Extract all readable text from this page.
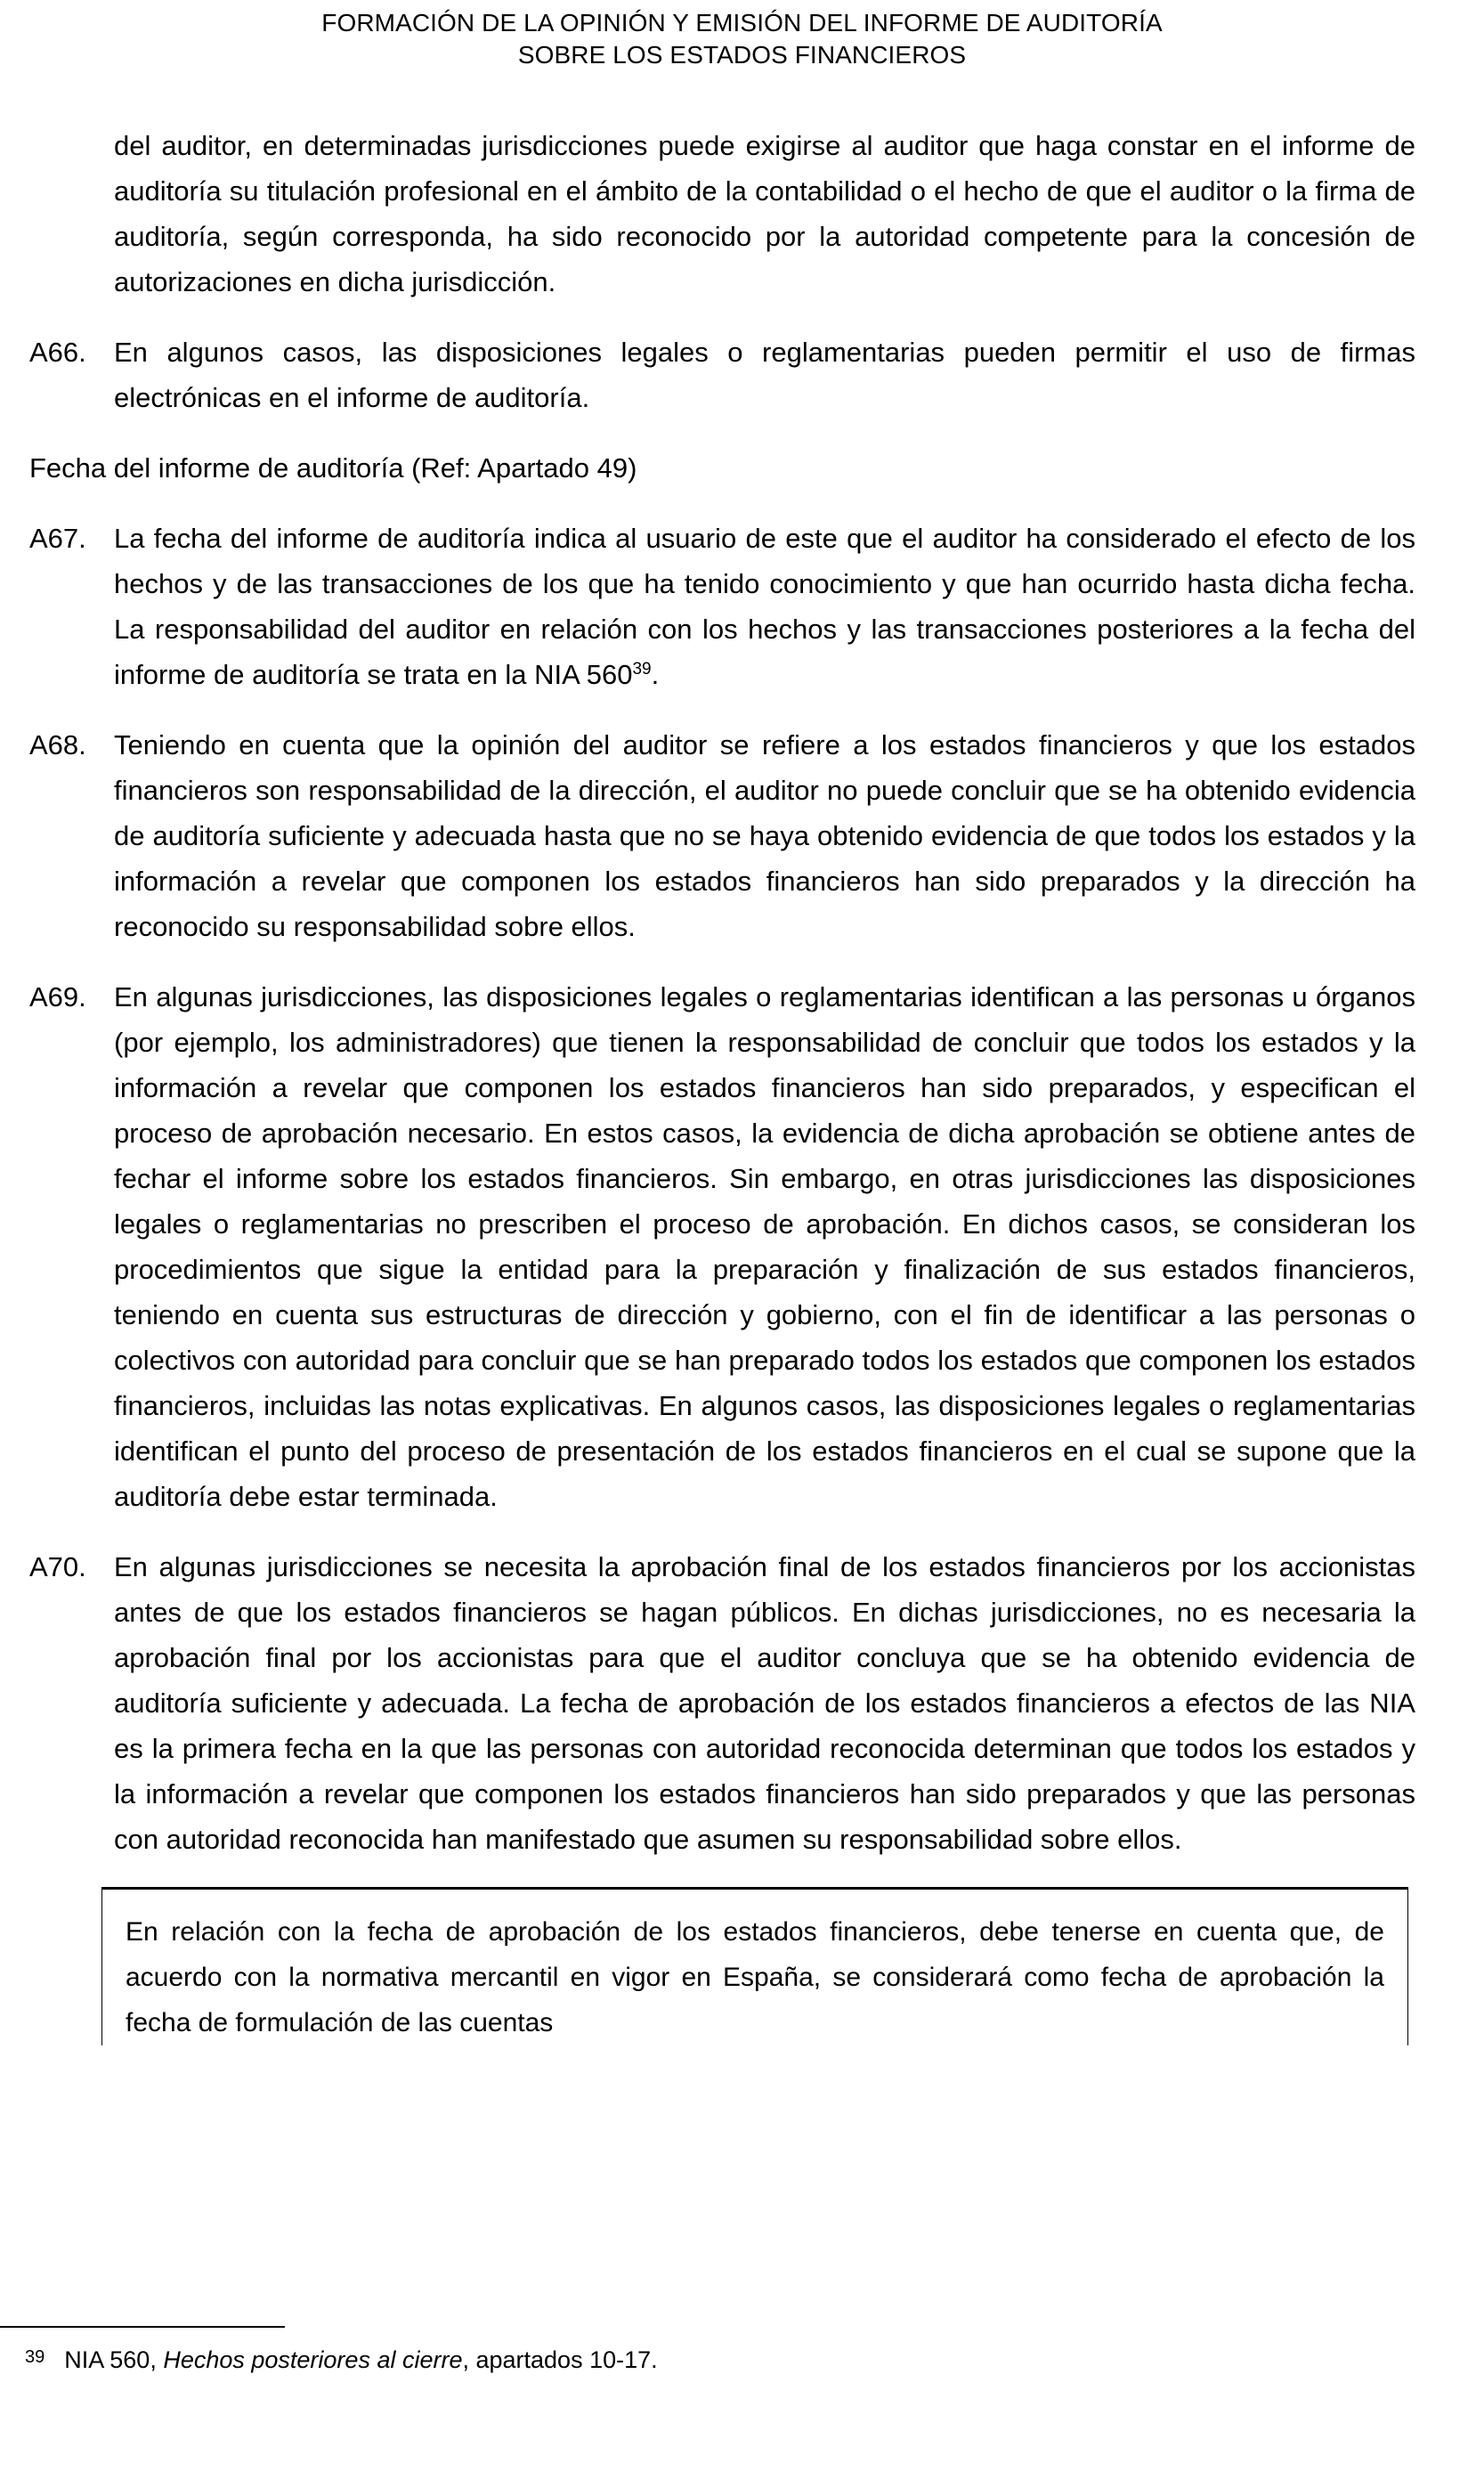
FORMACIÓN DE LA OPINIÓN Y EMISIÓN DEL INFORME DE AUDITORÍA
SOBRE LOS ESTADOS FINANCIEROS
del auditor, en determinadas jurisdicciones puede exigirse al auditor que haga constar en el informe de auditoría su titulación profesional en el ámbito de la contabilidad o el hecho de que el auditor o la firma de auditoría, según corresponda, ha sido reconocido por la autoridad competente para la concesión de autorizaciones en dicha jurisdicción.
A66.	En algunos casos, las disposiciones legales o reglamentarias pueden permitir el uso de firmas electrónicas en el informe de auditoría.
Fecha del informe de auditoría (Ref: Apartado 49)
A67.	La fecha del informe de auditoría indica al usuario de este que el auditor ha considerado el efecto de los hechos y de las transacciones de los que ha tenido conocimiento y que han ocurrido hasta dicha fecha. La responsabilidad del auditor en relación con los hechos y las transacciones posteriores a la fecha del informe de auditoría se trata en la NIA 560$^{39}$.
A68.	Teniendo en cuenta que la opinión del auditor se refiere a los estados financieros y que los estados financieros son responsabilidad de la dirección, el auditor no puede concluir que se ha obtenido evidencia de auditoría suficiente y adecuada hasta que no se haya obtenido evidencia de que todos los estados y la información a revelar que componen los estados financieros han sido preparados y la dirección ha reconocido su responsabilidad sobre ellos.
A69.	En algunas jurisdicciones, las disposiciones legales o reglamentarias identifican a las personas u órganos (por ejemplo, los administradores) que tienen la responsabilidad de concluir que todos los estados y la información a revelar que componen los estados financieros han sido preparados, y especifican el proceso de aprobación necesario. En estos casos, la evidencia de dicha aprobación se obtiene antes de fechar el informe sobre los estados financieros. Sin embargo, en otras jurisdicciones las disposiciones legales o reglamentarias no prescriben el proceso de aprobación. En dichos casos, se consideran los procedimientos que sigue la entidad para la preparación y finalización de sus estados financieros, teniendo en cuenta sus estructuras de dirección y gobierno, con el fin de identificar a las personas o colectivos con autoridad para concluir que se han preparado todos los estados que componen los estados financieros, incluidas las notas explicativas. En algunos casos, las disposiciones legales o reglamentarias identifican el punto del proceso de presentación de los estados financieros en el cual se supone que la auditoría debe estar terminada.
A70.	En algunas jurisdicciones se necesita la aprobación final de los estados financieros por los accionistas antes de que los estados financieros se hagan públicos. En dichas jurisdicciones, no es necesaria la aprobación final por los accionistas para que el auditor concluya que se ha obtenido evidencia de auditoría suficiente y adecuada. La fecha de aprobación de los estados financieros a efectos de las NIA es la primera fecha en la que las personas con autoridad reconocida determinan que todos los estados y la información a revelar que componen los estados financieros han sido preparados y que las personas con autoridad reconocida han manifestado que asumen su responsabilidad sobre ellos.
En relación con la fecha de aprobación de los estados financieros, debe tenerse en cuenta que, de acuerdo con la normativa mercantil en vigor en España, se considerará como fecha de aprobación la fecha de formulación de las cuentas
39 NIA 560, Hechos posteriores al cierre, apartados 10-17.
